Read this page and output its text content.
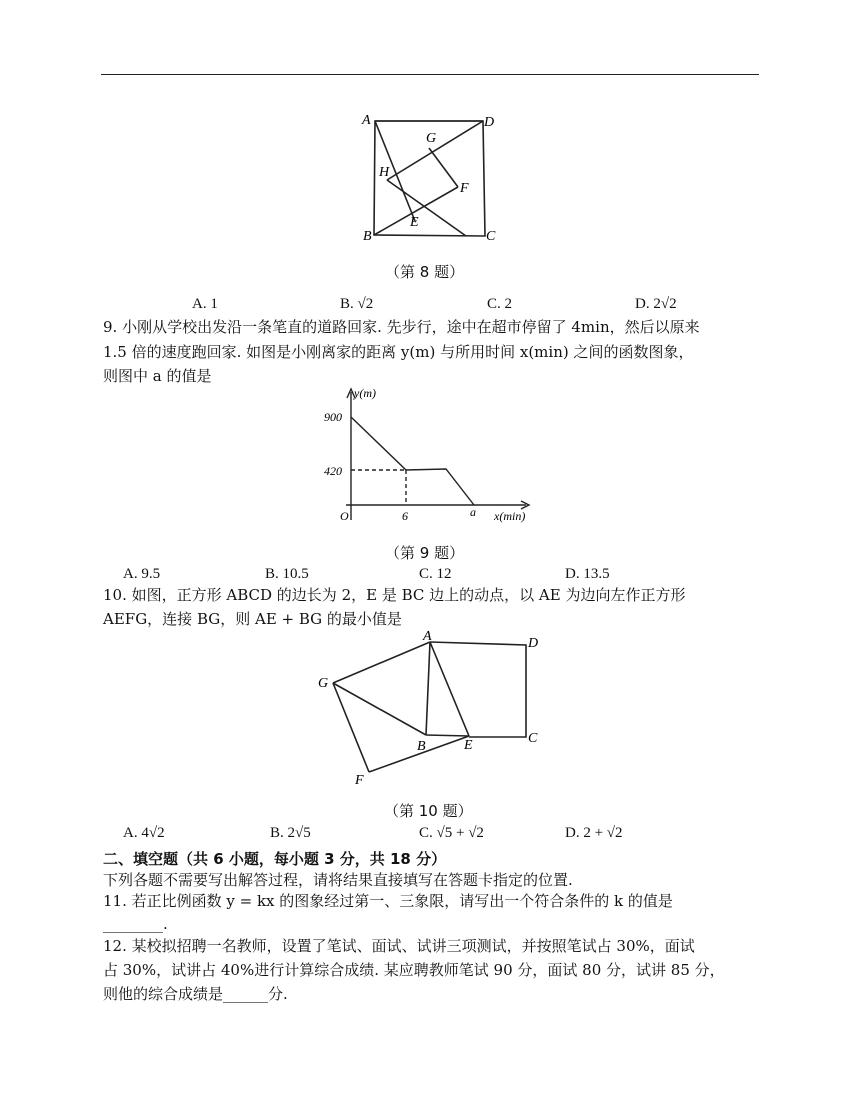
A	D
G
H
F
E
B	C
（第 8 题）
A. 1	B. √2	C. 2	D. 2√2
9. 小刚从学校出发沿一条笔直的道路回家. 先步行，途中在超市停留了 4min，然后以原来
1.5 倍的速度跑回家. 如图是小刚离家的距离 y(m) 与所用时间 x(min) 之间的函数图象，
则图中 a 的值是
y(m)
900
420
O	6	a x(min)
（第 9 题）
A. 9.5	B. 10.5	C. 12	D. 13.5
10. 如图，正方形 ABCD 的边长为 2，E 是 BC 边上的动点，以 AE 为边向左作正方形
AEFG，连接 BG，则 AE + BG 的最小值是
A	D
G
B	E	C
F
（第 10 题）
A. 4√2	B. 2√5	C. √5 + √2	D. 2 + √2
二、填空题（共 6 小题，每小题 3 分，共 18 分）
下列各题不需要写出解答过程，请将结果直接填写在答题卡指定的位置.
11. 若正比例函数 y = kx 的图象经过第一、三象限，请写出一个符合条件的 k 的值是
________.
12. 某校拟招聘一名教师，设置了笔试、面试、试讲三项测试，并按照笔试占 30%，面试
占 30%，试讲占 40%进行计算综合成绩. 某应聘教师笔试 90 分，面试 80 分，试讲 85 分，
则他的综合成绩是______分.
